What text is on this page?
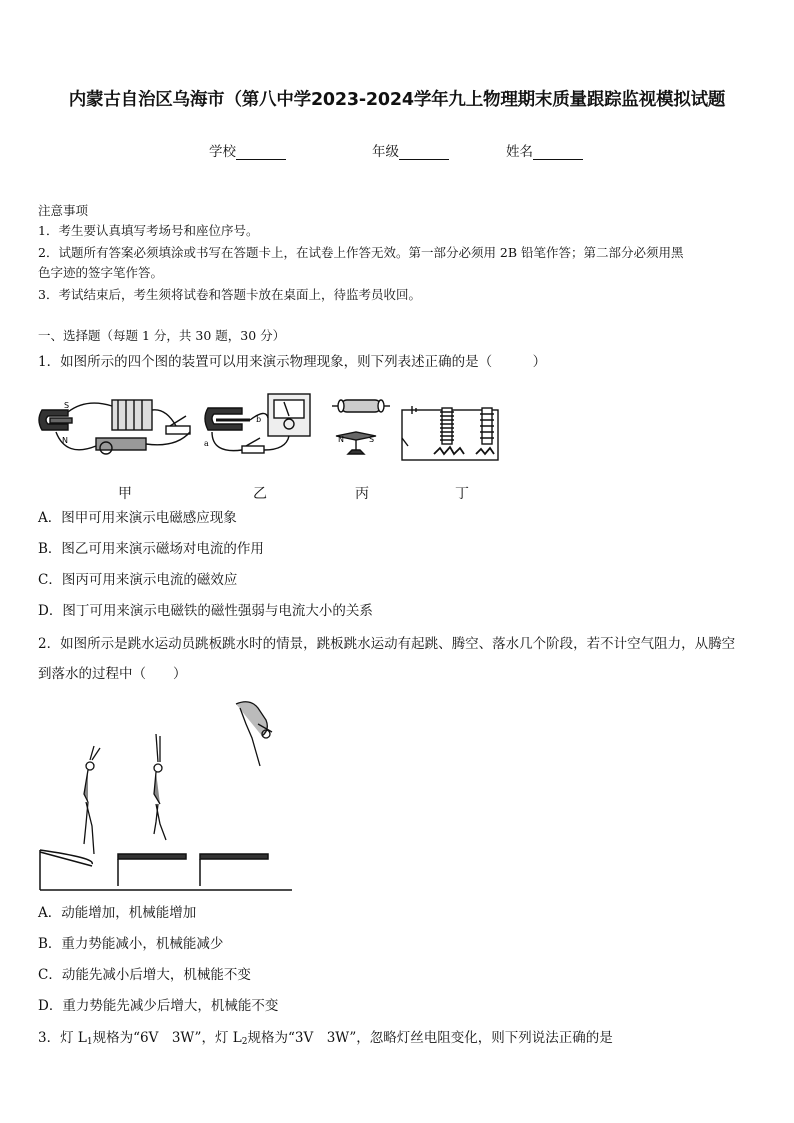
内蒙古自治区乌海市（第八中学2023-2024学年九上物理期末质量跟踪监视模拟试题
学校	年级	姓名
注意事项
1．考生要认真填写考场号和座位序号。
2．试题所有答案必须填涂或书写在答题卡上，在试卷上作答无效。第一部分必须用 2B 铅笔作答；第二部分必须用黑
色字迹的签字笔作答。
3．考试结束后，考生须将试卷和答题卡放在桌面上，待监考员收回。
一、选择题（每题 1 分，共 30 题，30 分）
1．如图所示的四个图的装置可以用来演示物理现象，则下列表述正确的是（　　　）
S
N	a
b
N	S
甲	乙	丙	丁
A．图甲可用来演示电磁感应现象
B．图乙可用来演示磁场对电流的作用
C．图丙可用来演示电流的磁效应
D．图丁可用来演示电磁铁的磁性强弱与电流大小的关系
2．如图所示是跳水运动员跳板跳水时的情景，跳板跳水运动有起跳、腾空、落水几个阶段，若不计空气阻力，从腾空
到落水的过程中（　　）
A．动能增加，机械能增加
B．重力势能减小，机械能减少
C．动能先减小后增大，机械能不变
D．重力势能先减少后增大，机械能不变
3．灯 $L_1$规格为“6V　3W”，灯 $L_2$规格为“3V　3W”，忽略灯丝电阻变化，则下列说法正确的是
